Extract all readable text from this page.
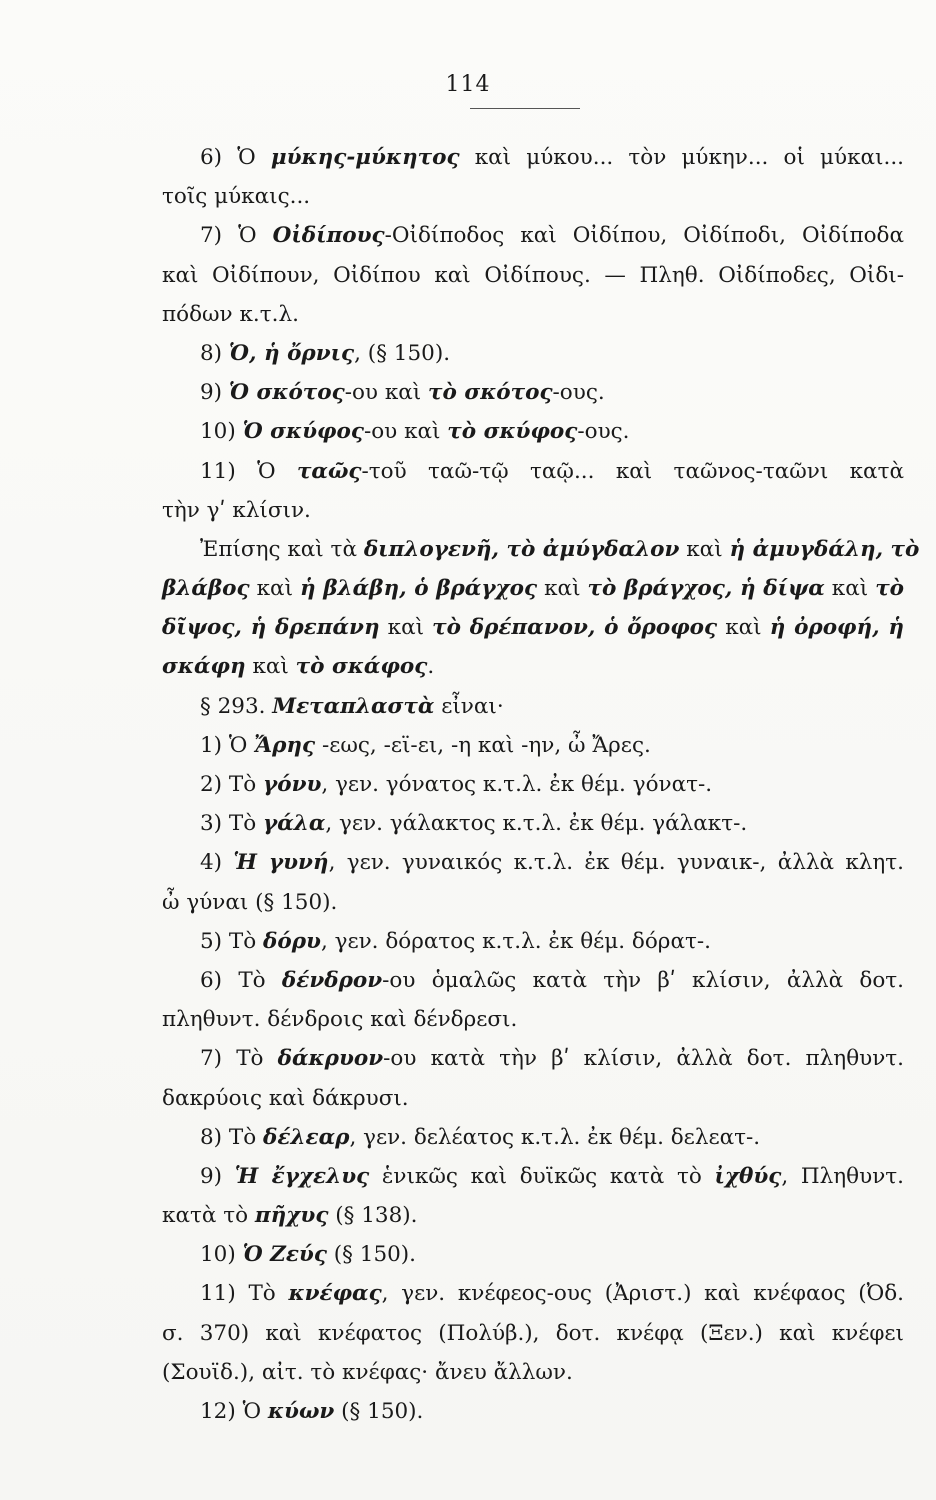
114
6) Ὁ μύκης-μύκητος καὶ μύκου... τὸν μύκην... οἱ μύκαι...
τοῖς μύκαις...
7) Ὁ Οἰδίπους-Οἰδίποδος καὶ Οἰδίπου, Οἰδίποδι, Οἰδίποδα
καὶ Οἰδίπουν, Οἰδίπου καὶ Οἰδίπους. — Πληθ. Οἰδίποδες, Οἰδι-
πόδων κ.τ.λ.
8) Ὁ, ἡ ὄρνις, (§ 150).
9) Ὁ σκότος-ου καὶ τὸ σκότος-ους.
10) Ὁ σκύφος-ου καὶ τὸ σκύφος-ους.
11) Ὁ ταῶς-τοῦ ταῶ-τῷ ταῷ... καὶ ταῶνος-ταῶνι κατὰ
τὴν γʹ κλίσιν.
Ἐπίσης καὶ τὰ διπλογενῆ, τὸ ἀμύγδαλον καὶ ἡ ἀμυγδάλη, τὸ
βλάβος καὶ ἡ βλάβη, ὁ βράγχος καὶ τὸ βράγχος, ἡ δίψα καὶ τὸ
δῖψος, ἡ δρεπάνη καὶ τὸ δρέπανον, ὁ ὄροφος καὶ ἡ ὀροφή, ἡ
σκάφη καὶ τὸ σκάφος.
§ 293. Μεταπλαστὰ εἶναι·
1) Ὁ Ἄρης -εως, -εϊ-ει, -η καὶ -ην, ὦ Ἄρες.
2) Τὸ γόνυ, γεν. γόνατος κ.τ.λ. ἐκ θέμ. γόνατ-.
3) Τὸ γάλα, γεν. γάλακτος κ.τ.λ. ἐκ θέμ. γάλακτ-.
4) Ἡ γυνή, γεν. γυναικός κ.τ.λ. ἐκ θέμ. γυναικ-, ἀλλὰ κλητ.
ὦ γύναι (§ 150).
5) Τὸ δόρυ, γεν. δόρατος κ.τ.λ. ἐκ θέμ. δόρατ-.
6) Τὸ δένδρον-ου ὁμαλῶς κατὰ τὴν βʹ κλίσιν, ἀλλὰ δοτ.
πληθυντ. δένδροις καὶ δένδρεσι.
7) Τὸ δάκρυον-ου κατὰ τὴν βʹ κλίσιν, ἀλλὰ δοτ. πληθυντ.
δακρύοις καὶ δάκρυσι.
8) Τὸ δέλεαρ, γεν. δελέατος κ.τ.λ. ἐκ θέμ. δελεατ-.
9) Ἡ ἔγχελυς ἑνικῶς καὶ δυϊκῶς κατὰ τὸ ἰχθύς, Πληθυντ.
κατὰ τὸ πῆχυς (§ 138).
10) Ὁ Ζεύς (§ 150).
11) Τὸ κνέφας, γεν. κνέφεος-ους (Ἀριστ.) καὶ κνέφαος (Ὀδ.
σ. 370) καὶ κνέφατος (Πολύβ.), δοτ. κνέφᾳ (Ξεν.) καὶ κνέφει
(Σουϊδ.), αἰτ. τὸ κνέφας· ἄνευ ἄλλων.
12) Ὁ κύων (§ 150).
